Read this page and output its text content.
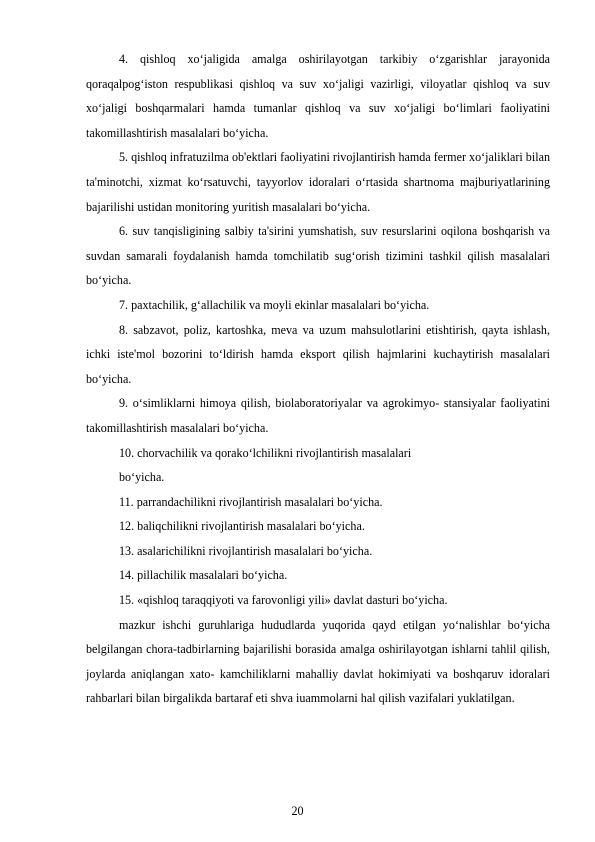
4. qishloq xo‘jaligida amalga oshirilayotgan tarkibiy o‘zgarishlar jarayonida qoraqalpog‘iston respublikasi qishloq va suv xo‘jaligi vazirligi, viloyatlar qishloq va suv xo‘jaligi boshqarmalari hamda tumanlar qishloq va suv xo‘jaligi bo‘limlari faoliyatini takomillashtirish masalalari bo‘yicha.

5. qishloq infratuzilma ob'ektlari faoliyatini rivojlantirish hamda fermer xo‘jaliklari bilan ta'minotchi, xizmat ko‘rsatuvchi, tayyorlov idoralari o‘rtasida shartnoma majburiyatlarining bajarilishi ustidan monitoring yuritish masalalari bo‘yicha.

6. suv tanqisligining salbiy ta'sirini yumshatish, suv resurslarini oqilona boshqarish va suvdan samarali foydalanish hamda tomchilatib sug‘orish tizimini tashkil qilish masalalari bo‘yicha.

7. paxtachilik, g‘allachilik va moyli ekinlar masalalari bo‘yicha.

8. sabzavot, poliz, kartoshka, meva va uzum mahsulotlarini etishtirish, qayta ishlash, ichki iste'mol bozorini to‘ldirish hamda eksport qilish hajmlarini kuchaytirish masalalari bo‘yicha.

9. o‘simliklarni himoya qilish, biolaboratoriyalar va agrokimyo- stansiyalar faoliyatini takomillashtirish masalalari bo‘yicha.

10. chorvachilik va qorako‘lchilikni rivojlantirish masalalari

bo‘yicha.

11. parrandachilikni rivojlantirish masalalari bo‘yicha.

12. baliqchilikni rivojlantirish masalalari bo‘yicha.

13. asalarichilikni rivojlantirish masalalari bo‘yicha.

14. pillachilik masalalari bo‘yicha.

15. «qishloq taraqqiyoti va farovonligi yili» davlat dasturi bo‘yicha.

mazkur ishchi guruhlariga hududlarda yuqorida qayd etilgan yo‘nalishlar bo‘yicha belgilangan chora-tadbirlarning bajarilishi borasida amalga oshirilayotgan ishlarni tahlil qilish, joylarda aniqlangan xato- kamchiliklarni mahalliy davlat hokimiyati va boshqaruv idoralari rahbarlari bilan birgalikda bartaraf eti shva iuammolarni hal qilish vazifalari yuklatilgan.

20
